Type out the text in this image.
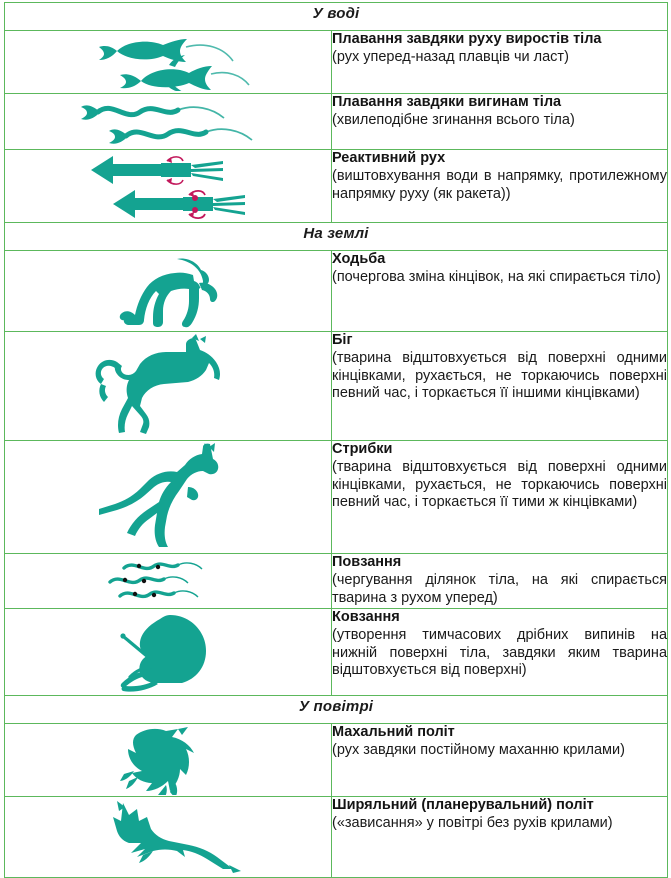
У воді	

Плавання завдяки руху виростів тіла

(рух уперед-назад плавців чи ласт)

Плавання завдяки вигинам тіла

(хвилеподібне згинання всього тіла)

Реактивний рух

(виштовхування води в напрямку, протилежному напрямку руху (як ракета))

На землі	

Ходьба

(почергова зміна кінцівок, на які спирається тіло)

Біг

(тварина відштовхується від поверхні одними кінцівками, рухається, не торкаючись поверхні певний час, і торкається її іншими кінцівками)

Стрибки

(тварина відштовхується від поверхні одними кінцівками, рухається, не торкаючись поверхні певний час, і торкається її тими ж кінцівками)

Повзання

(чергування ділянок тіла, на які спирається тварина з рухом уперед)

Ковзання

(утворення тимчасових дрібних випинів на нижній поверхні тіла, завдяки яким тварина відштовхується від поверхні)

У повітрі	

Махальний політ

(рух завдяки постійному маханню крилами)

Ширяльний (планерувальний) політ

(«зависання» у повітрі без рухів крилами)
